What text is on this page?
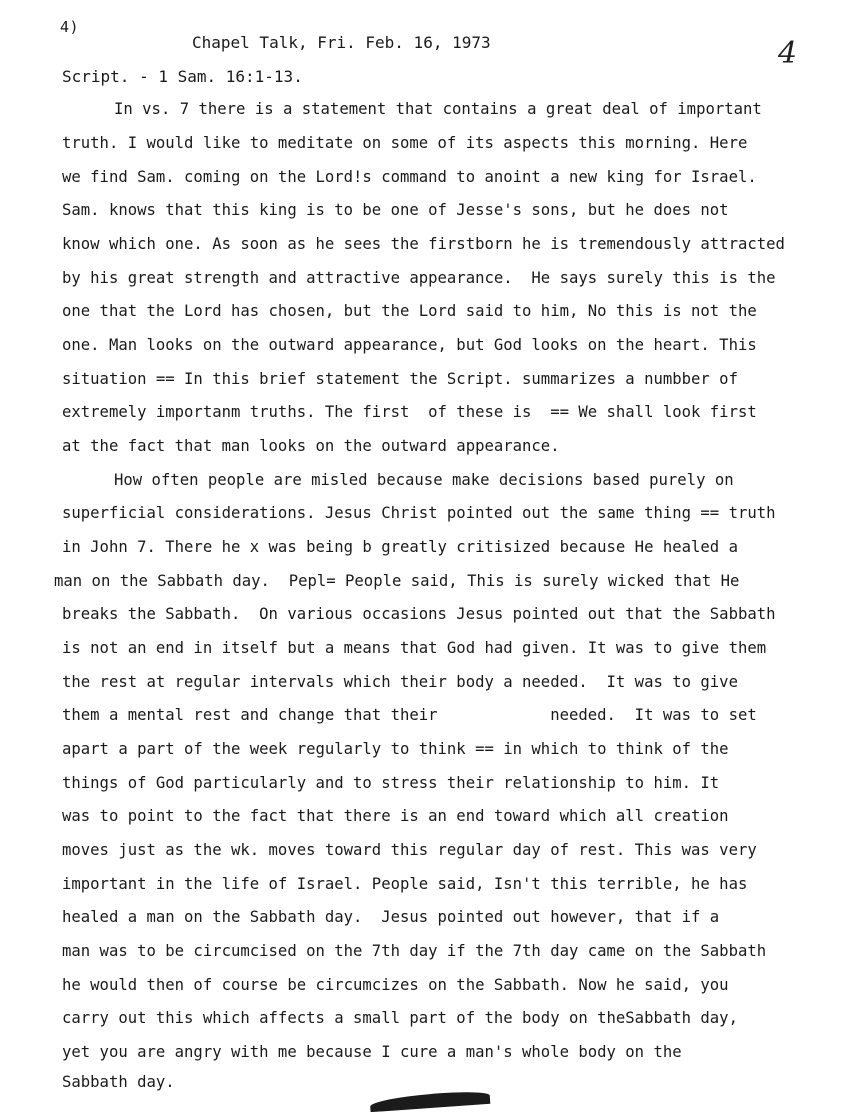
4)
Chapel Talk, Fri. Feb. 16, 1973	4
Script. - 1 Sam. 16:1-13.
In vs. 7 there is a statement that contains a great deal of important
truth. I would like to meditate on some of its aspects this morning. Here
we find Sam. coming on the Lord!s command to anoint a new king for Israel.
Sam. knows that this king is to be one of Jesse's sons, but he does not
know which one. As soon as he sees the firstborn he is tremendously attracted
by his great strength and attractive appearance.  He says surely this is the
one that the Lord has chosen, but the Lord said to him, No this is not the
one. Man looks on the outward appearance, but God looks on the heart. This
situation == In this brief statement the Script. summarizes a numbber of
extremely importanm truths. The first  of these is  == We shall look first
at the fact that man looks on the outward appearance.
How often people are misled because make decisions based purely on
superficial considerations. Jesus Christ pointed out the same thing == truth
in John 7. There he x was being b greatly critisized because He healed a
man on the Sabbath day.  Pepl= People said, This is surely wicked that He
breaks the Sabbath.  On various occasions Jesus pointed out that the Sabbath
is not an end in itself but a means that God had given. It was to give them
the rest at regular intervals which their body a needed.  It was to give
them a mental rest and change that their            needed.  It was to set
apart a part of the week regularly to think == in which to think of the
things of God particularly and to stress their relationship to him. It
was to point to the fact that there is an end toward which all creation
moves just as the wk. moves toward this regular day of rest. This was very
important in the life of Israel. People said, Isn't this terrible, he has
healed a man on the Sabbath day.  Jesus pointed out however, that if a
man was to be circumcised on the 7th day if the 7th day came on the Sabbath
he would then of course be circumcizes on the Sabbath. Now he said, you
carry out this which affects a small part of the body on theSabbath day,
yet you are angry with me because I cure a man's whole body on the
Sabbath day.
